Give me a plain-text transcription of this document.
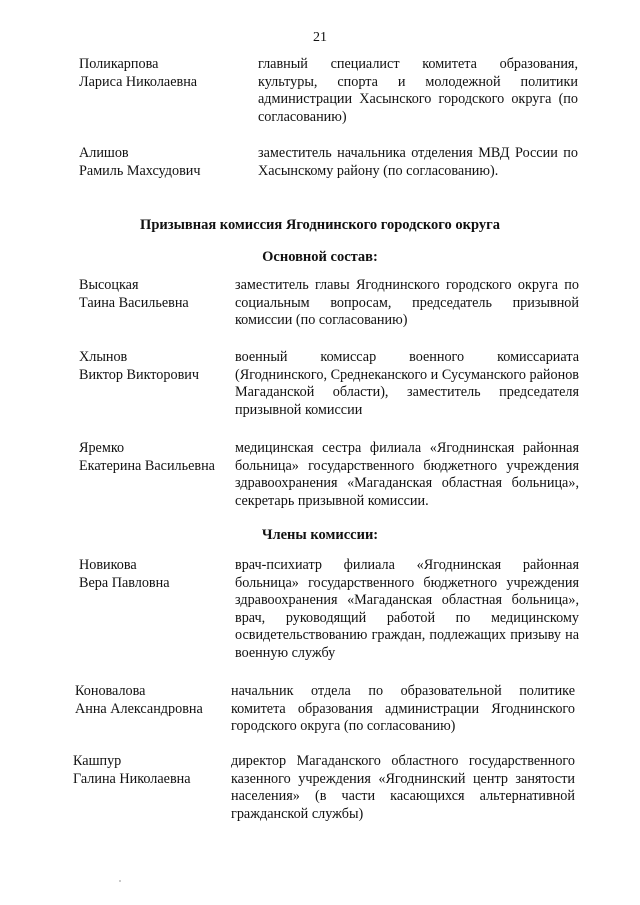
21
Поликарпова
Лариса Николаевна
главный специалист комитета образования, культуры, спорта и молодежной политики администрации Хасынского городского округа (по согласованию)
Алишов
Рамиль Махсудович
заместитель начальника отделения МВД России по Хасынскому району (по согласованию).
Призывная комиссия Ягоднинского городского округа
Основной состав:
Высоцкая
Таина Васильевна
заместитель главы Ягоднинского городского округа по социальным вопросам, председатель призывной комиссии (по согласованию)
Хлынов
Виктор Викторович
военный комиссар военного комиссариата (Ягоднинского, Среднеканского и Сусуманского районов Магаданской области), заместитель председателя призывной комиссии
Яремко
Екатерина Васильевна
медицинская сестра филиала «Ягоднинская районная больница» государственного бюджетного учреждения здравоохранения «Магаданская областная больница», секретарь призывной комиссии.
Члены комиссии:
Новикова
Вера Павловна
врач-психиатр филиала «Ягоднинская районная больница» государственного бюджетного учреждения здравоохранения «Магаданская областная больница», врач, руководящий работой по медицинскому освидетельствованию граждан, подлежащих призыву на военную службу
Коновалова
Анна Александровна
начальник отдела по образовательной политике комитета образования администрации Ягоднинского городского округа (по согласованию)
Кашпур
Галина Николаевна
директор Магаданского областного государственного казенного учреждения «Ягоднинский центр занятости населения» (в части касающихся альтернативной гражданской службы)
